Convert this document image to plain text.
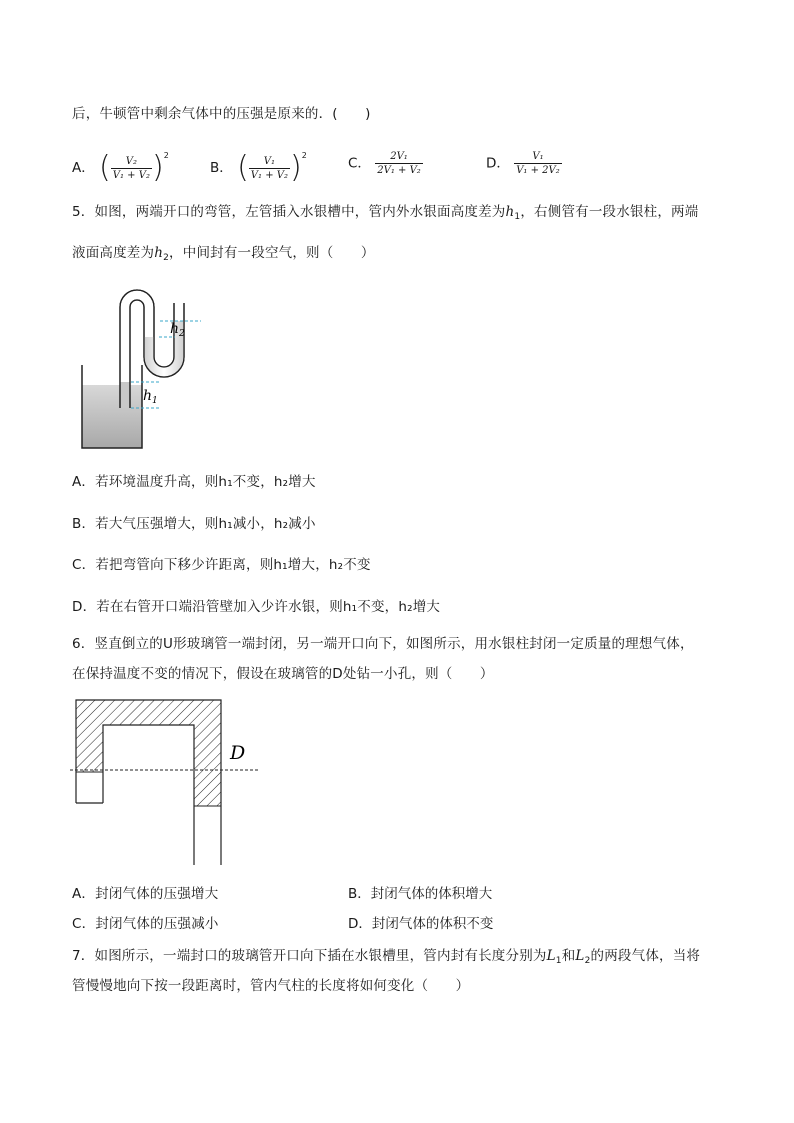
后，牛顿管中剩余气体中的压强是原来的．(　　)
A． ( $\frac{\text{V₂}}{\text{V₁ + V₂}} )^2$
B． ( $\frac{\text{V₁}}{\text{V₁ + V₂}} )^2$	C． $\frac{\text{2V₁}}{\text{2V₁ + V₂}}$	D． $\frac{\text{V₁}}{\text{V₁ + 2V₂}}$
5．如图，两端开口的弯管，左管插入水银槽中，管内外水银面高度差为$h_1$，右侧管有一段水银柱，两端
液面高度差为$h_2$，中间封有一段空气，则（　　）
$h_2$
$h_1$
A．若环境温度升高，则h₁不变，h₂增大
B．若大气压强增大，则h₁减小，h₂减小
C．若把弯管向下移少许距离，则h₁增大，h₂不变
D．若在右管开口端沿管壁加入少许水银，则h₁不变，h₂增大
6．竖直倒立的U形玻璃管一端封闭，另一端开口向下，如图所示，用水银柱封闭一定质量的理想气体，
在保持温度不变的情况下，假设在玻璃管的D处钻一小孔，则（　　）
D
A．封闭气体的压强增大	B．封闭气体的体积增大
C．封闭气体的压强减小	D．封闭气体的体积不变
7．如图所示，一端封口的玻璃管开口向下插在水银槽里，管内封有长度分别为$L_1$和$L_2$的两段气体，当将
管慢慢地向下按一段距离时，管内气柱的长度将如何变化（　　）
